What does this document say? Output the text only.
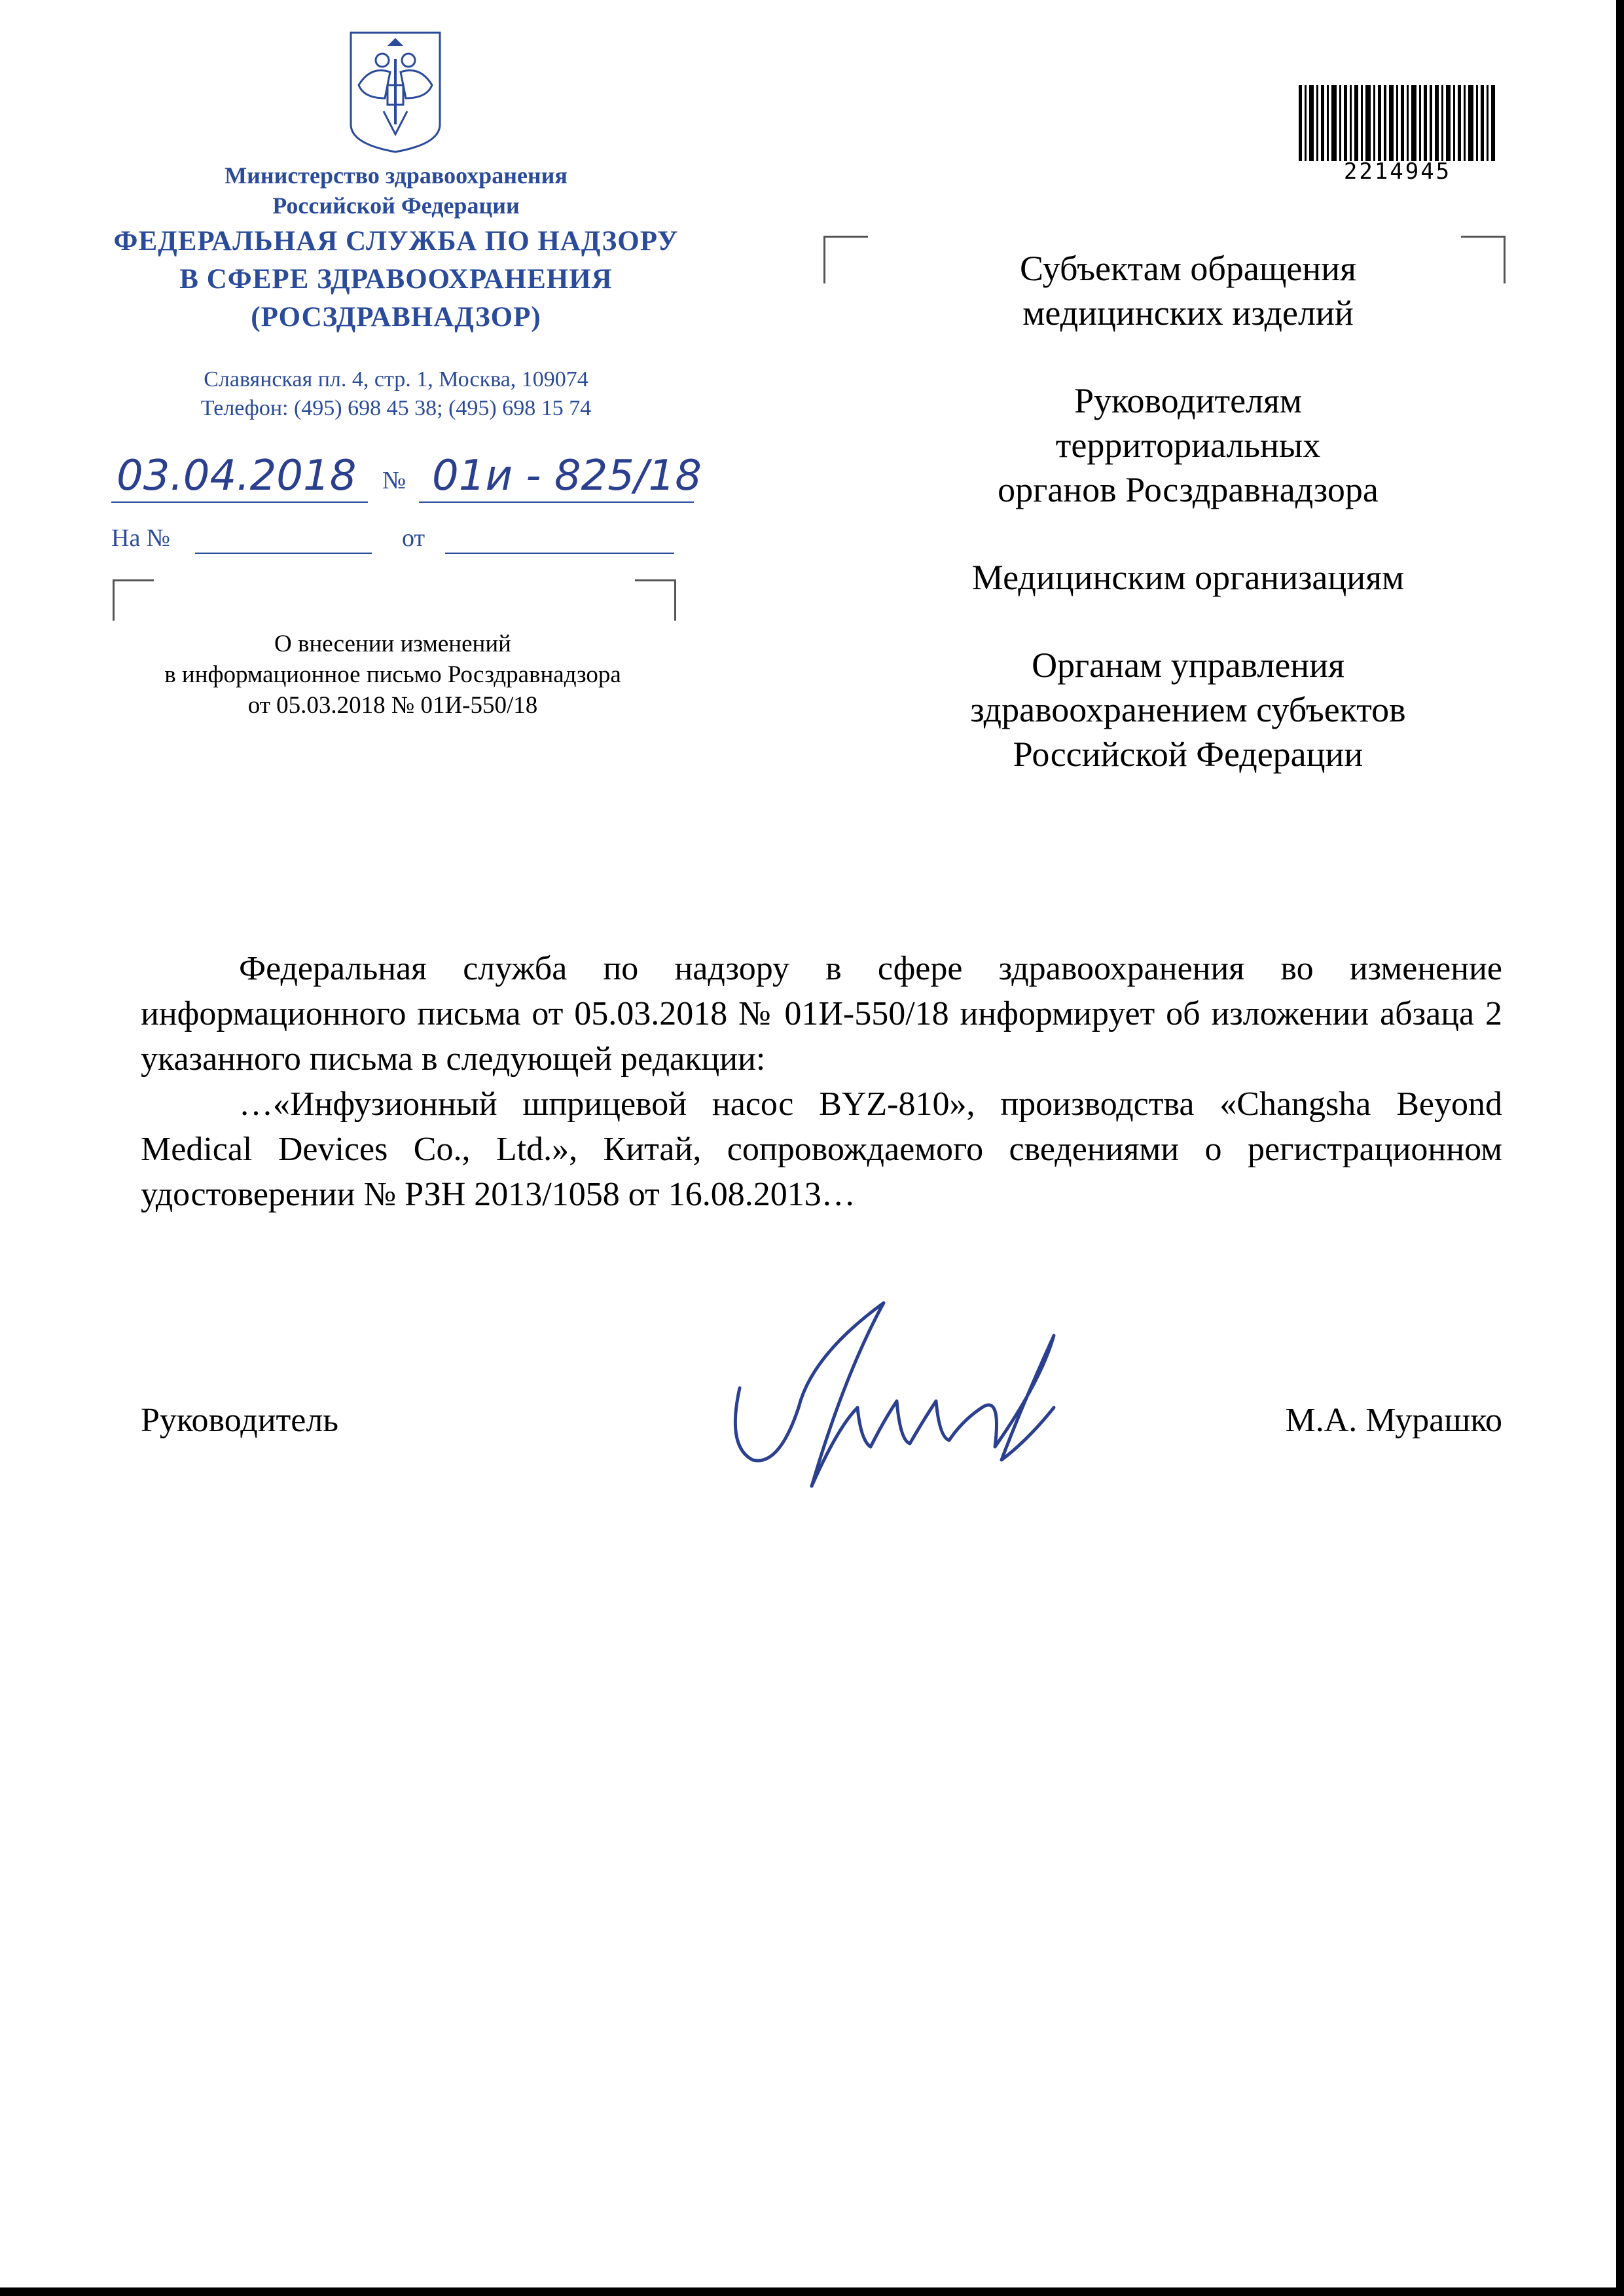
Министерство здравоохранения
Российской Федерации
ФЕДЕРАЛЬНАЯ СЛУЖБА ПО НАДЗОРУ
В СФЕРЕ ЗДРАВООХРАНЕНИЯ
(РОСЗДРАВНАДЗОР)
Славянская пл. 4, стр. 1, Москва, 109074
Телефон: (495) 698 45 38; (495) 698 15 74
03.04.2018 № 01и - 825/18
На №	от
О внесении изменений
в информационное письмо Росздравнадзора
от 05.03.2018 № 01И-550/18
2214945
Субъектам обращения
медицинских изделий
Руководителям
территориальных
органов Росздравнадзора
Медицинским организациям
Органам управления
здравоохранением субъектов
Российской Федерации

Федеральная служба по надзору в сфере здравоохранения во изменение информационного письма от 05.03.2018 № 01И-550/18 информирует об изложении абзаца 2 указанного письма в следующей редакции:

…«Инфузионный шприцевой насос BYZ-810», производства «Changsha Beyond Medical Devices Co., Ltd.», Китай, сопровождаемого сведениями о регистрационном удостоверении № РЗН 2013/1058 от 16.08.2013…

Руководитель	М.А. Мурашко
